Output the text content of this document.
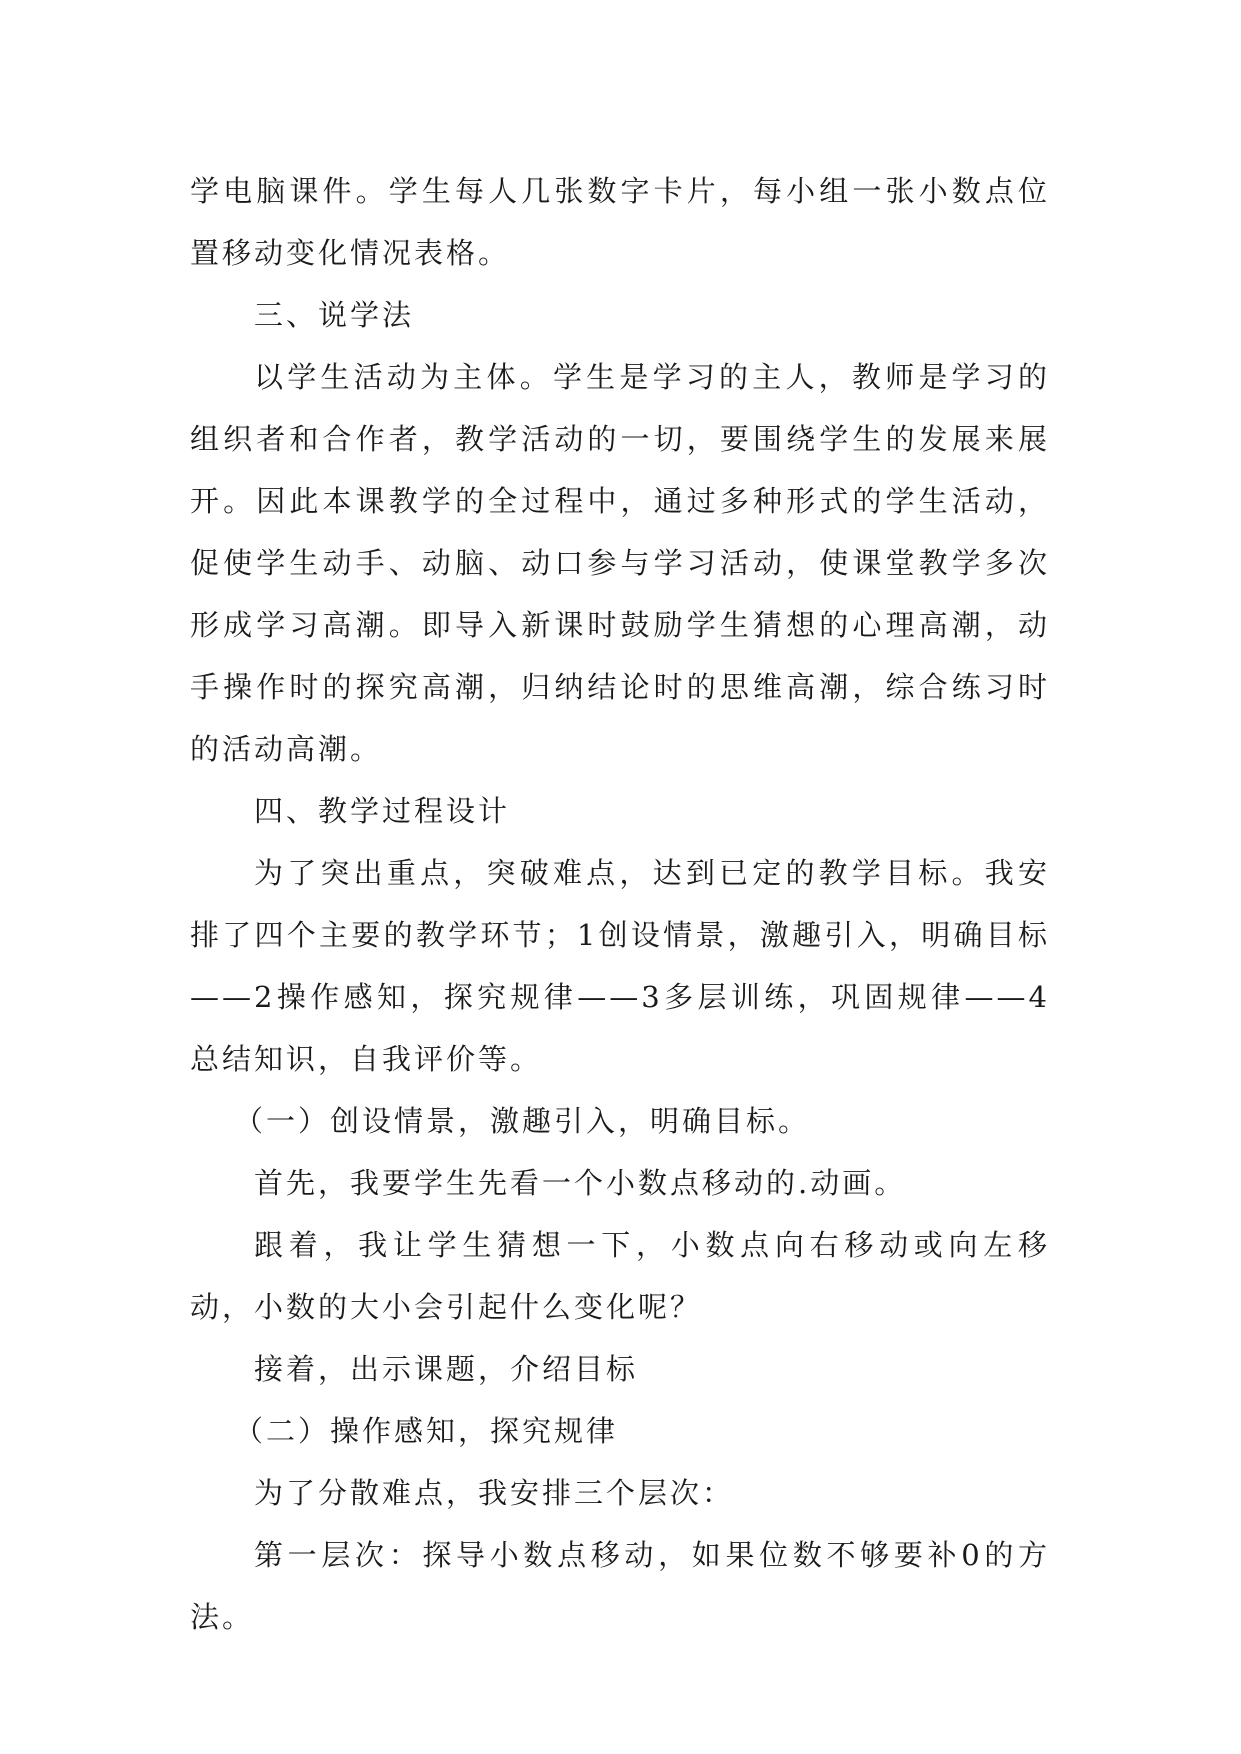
学电脑课件。学生每人几张数字卡片，每小组一张小数点位置移动变化情况表格。

三、说学法

以学生活动为主体。学生是学习的主人，教师是学习的组织者和合作者，教学活动的一切，要围绕学生的发展来展开。因此本课教学的全过程中，通过多种形式的学生活动，促使学生动手、动脑、动口参与学习活动，使课堂教学多次形成学习高潮。即导入新课时鼓励学生猜想的心理高潮，动手操作时的探究高潮，归纳结论时的思维高潮，综合练习时的活动高潮。

四、教学过程设计

为了突出重点，突破难点，达到已定的教学目标。我安排了四个主要的教学环节；1创设情景，激趣引入，明确目标——2操作感知，探究规律——3多层训练，巩固规律——4总结知识，自我评价等。

（一）创设情景，激趣引入，明确目标。

首先，我要学生先看一个小数点移动的.动画。

跟着，我让学生猜想一下，小数点向右移动或向左移动，小数的大小会引起什么变化呢？

接着，出示课题，介绍目标

（二）操作感知，探究规律

为了分散难点，我安排三个层次：

第一层次：探导小数点移动，如果位数不够要补0的方法。
